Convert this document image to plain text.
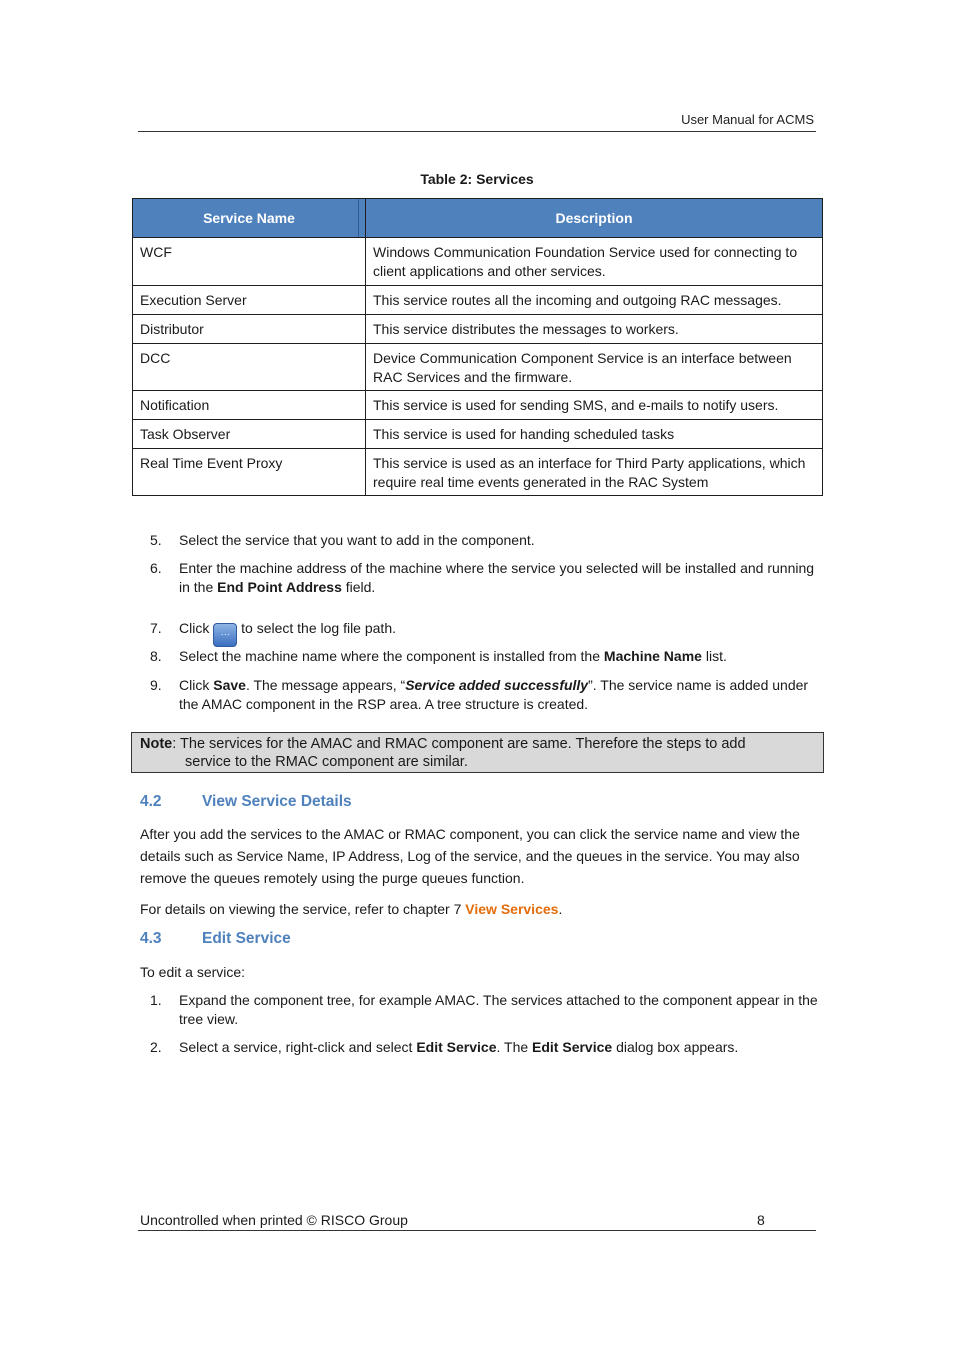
User Manual for ACMS
Table 2: Services
Service Name	Description
WCF	Windows Communication Foundation Service used for connecting to client applications and other services.
Execution Server	This service routes all the incoming and outgoing RAC messages.
Distributor	This service distributes the messages to workers.
DCC	Device Communication Component Service is an interface between RAC Services and the firmware.
Notification	This service is used for sending SMS, and e-mails to notify users.
Task Observer	This service is used for handing scheduled tasks
Real Time Event Proxy	This service is used as an interface for Third Party applications, which require real time events generated in the RAC System
5.	Select the service that you want to add in the component.
6.	Enter the machine address of the machine where the service you selected will be installed and running in the End Point Address field.
7.	Click ··· to select the log file path.
8.	Select the machine name where the component is installed from the Machine Name list.
9.	Click Save. The message appears, “Service added successfully”. The service name is added under the AMAC component in the RSP area. A tree structure is created.
Note: The services for the AMAC and RMAC component are same. Therefore the steps to add
service to the RMAC component are similar.
4.2	View Service Details
After you add the services to the AMAC or RMAC component, you can click the service name and view the details such as Service Name, IP Address, Log of the service, and the queues in the service. You may also remove the queues remotely using the purge queues function.
For details on viewing the service, refer to chapter 7 View Services.
4.3	Edit Service
To edit a service:
1.	Expand the component tree, for example AMAC. The services attached to the component appear in the tree view.
2.	Select a service, right-click and select Edit Service. The Edit Service dialog box appears.
Uncontrolled when printed © RISCO Group	8
